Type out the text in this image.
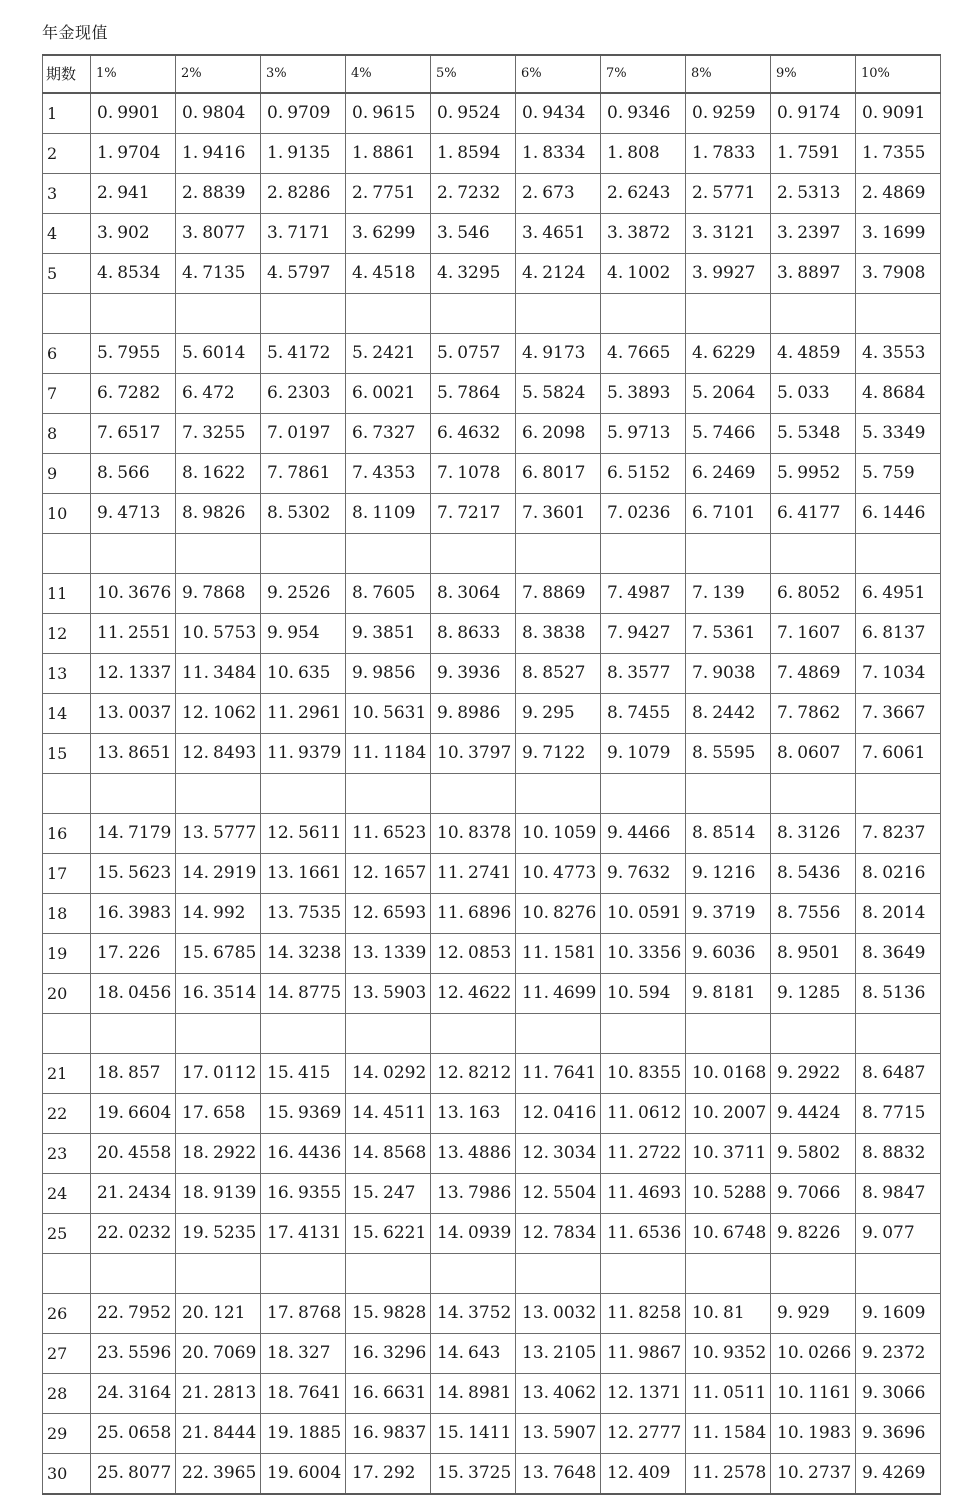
年金现值
期数	1%	2%	3%	4%	5%	6%	7%	8%	9%	10%
1	0. 9901	0. 9804	0. 9709	0. 9615	0. 9524	0. 9434	0. 9346	0. 9259	0. 9174	0. 9091
2	1. 9704	1. 9416	1. 9135	1. 8861	1. 8594	1. 8334	1. 808	1. 7833	1. 7591	1. 7355
3	2. 941	2. 8839	2. 8286	2. 7751	2. 7232	2. 673	2. 6243	2. 5771	2. 5313	2. 4869
4	3. 902	3. 8077	3. 7171	3. 6299	3. 546	3. 4651	3. 3872	3. 3121	3. 2397	3. 1699
5	4. 8534	4. 7135	4. 5797	4. 4518	4. 3295	4. 2124	4. 1002	3. 9927	3. 8897	3. 7908

6	5. 7955	5. 6014	5. 4172	5. 2421	5. 0757	4. 9173	4. 7665	4. 6229	4. 4859	4. 3553
7	6. 7282	6. 472	6. 2303	6. 0021	5. 7864	5. 5824	5. 3893	5. 2064	5. 033	4. 8684
8	7. 6517	7. 3255	7. 0197	6. 7327	6. 4632	6. 2098	5. 9713	5. 7466	5. 5348	5. 3349
9	8. 566	8. 1622	7. 7861	7. 4353	7. 1078	6. 8017	6. 5152	6. 2469	5. 9952	5. 759
10	9. 4713	8. 9826	8. 5302	8. 1109	7. 7217	7. 3601	7. 0236	6. 7101	6. 4177	6. 1446

11	10. 3676	9. 7868	9. 2526	8. 7605	8. 3064	7. 8869	7. 4987	7. 139	6. 8052	6. 4951
12	11. 2551	10. 5753	9. 954	9. 3851	8. 8633	8. 3838	7. 9427	7. 5361	7. 1607	6. 8137
13	12. 1337	11. 3484	10. 635	9. 9856	9. 3936	8. 8527	8. 3577	7. 9038	7. 4869	7. 1034
14	13. 0037	12. 1062	11. 2961	10. 5631	9. 8986	9. 295	8. 7455	8. 2442	7. 7862	7. 3667
15	13. 8651	12. 8493	11. 9379	11. 1184	10. 3797	9. 7122	9. 1079	8. 5595	8. 0607	7. 6061

16	14. 7179	13. 5777	12. 5611	11. 6523	10. 8378	10. 1059	9. 4466	8. 8514	8. 3126	7. 8237
17	15. 5623	14. 2919	13. 1661	12. 1657	11. 2741	10. 4773	9. 7632	9. 1216	8. 5436	8. 0216
18	16. 3983	14. 992	13. 7535	12. 6593	11. 6896	10. 8276	10. 0591	9. 3719	8. 7556	8. 2014
19	17. 226	15. 6785	14. 3238	13. 1339	12. 0853	11. 1581	10. 3356	9. 6036	8. 9501	8. 3649
20	18. 0456	16. 3514	14. 8775	13. 5903	12. 4622	11. 4699	10. 594	9. 8181	9. 1285	8. 5136

21	18. 857	17. 0112	15. 415	14. 0292	12. 8212	11. 7641	10. 8355	10. 0168	9. 2922	8. 6487
22	19. 6604	17. 658	15. 9369	14. 4511	13. 163	12. 0416	11. 0612	10. 2007	9. 4424	8. 7715
23	20. 4558	18. 2922	16. 4436	14. 8568	13. 4886	12. 3034	11. 2722	10. 3711	9. 5802	8. 8832
24	21. 2434	18. 9139	16. 9355	15. 247	13. 7986	12. 5504	11. 4693	10. 5288	9. 7066	8. 9847
25	22. 0232	19. 5235	17. 4131	15. 6221	14. 0939	12. 7834	11. 6536	10. 6748	9. 8226	9. 077

26	22. 7952	20. 121	17. 8768	15. 9828	14. 3752	13. 0032	11. 8258	10. 81	9. 929	9. 1609
27	23. 5596	20. 7069	18. 327	16. 3296	14. 643	13. 2105	11. 9867	10. 9352	10. 0266	9. 2372
28	24. 3164	21. 2813	18. 7641	16. 6631	14. 8981	13. 4062	12. 1371	11. 0511	10. 1161	9. 3066
29	25. 0658	21. 8444	19. 1885	16. 9837	15. 1411	13. 5907	12. 2777	11. 1584	10. 1983	9. 3696
30	25. 8077	22. 3965	19. 6004	17. 292	15. 3725	13. 7648	12. 409	11. 2578	10. 2737	9. 4269
